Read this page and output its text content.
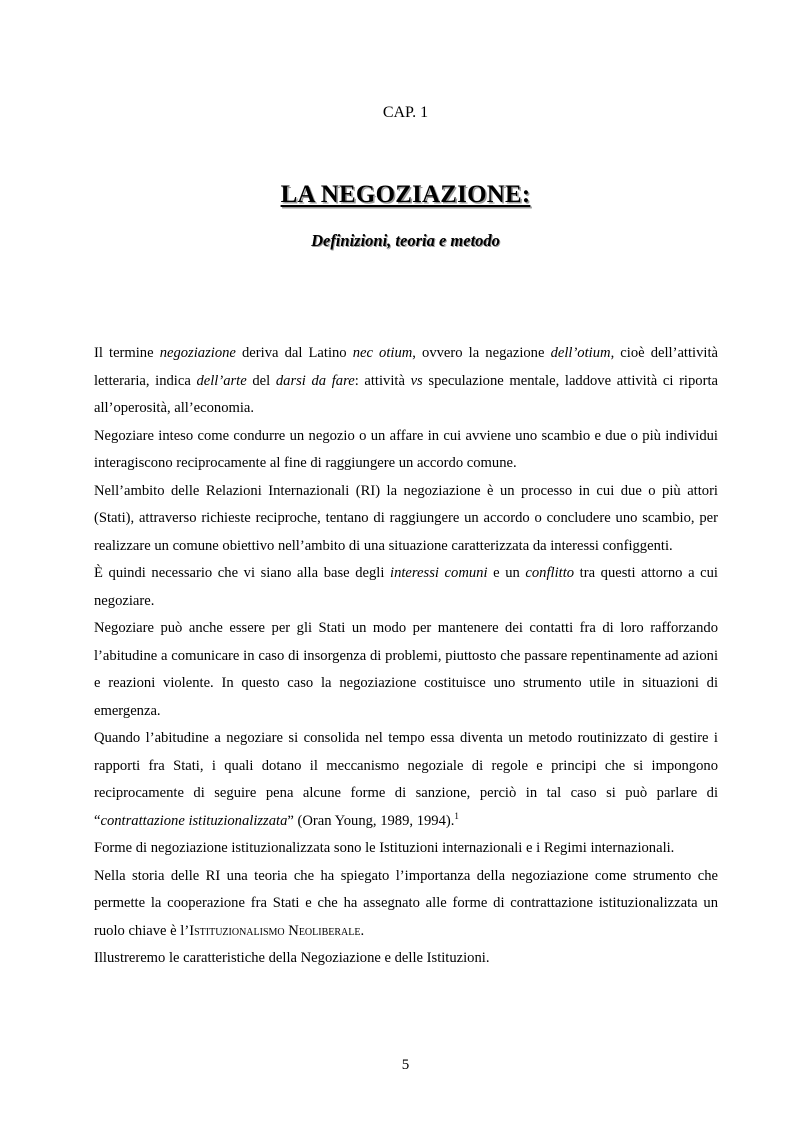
CAP. 1
LA NEGOZIAZIONE:
Definizioni, teoria e metodo

Il termine negoziazione deriva dal Latino nec otium, ovvero la negazione dell’otium, cioè dell’attività letteraria, indica dell’arte del darsi da fare: attività vs speculazione mentale, laddove attività ci riporta all’operosità, all’economia.

Negoziare inteso come condurre un negozio o un affare in cui avviene uno scambio e due o più individui interagiscono reciprocamente al fine di raggiungere un accordo comune.

Nell’ambito delle Relazioni Internazionali (RI) la negoziazione è un processo in cui due o più attori (Stati), attraverso richieste reciproche, tentano di raggiungere un accordo o concludere uno scambio, per realizzare un comune obiettivo nell’ambito di una situazione caratterizzata da interessi configgenti.

È quindi necessario che vi siano alla base degli interessi comuni e un conflitto tra questi attorno a cui negoziare.

Negoziare può anche essere per gli Stati un modo per mantenere dei contatti fra di loro rafforzando l’abitudine a comunicare in caso di insorgenza di problemi, piuttosto che passare repentinamente ad azioni e reazioni violente. In questo caso la negoziazione costituisce uno strumento utile in situazioni di emergenza.

Quando l’abitudine a negoziare si consolida nel tempo essa diventa un metodo routinizzato di gestire i rapporti fra Stati, i quali dotano il meccanismo negoziale di regole e principi che si impongono reciprocamente di seguire pena alcune forme di sanzione, perciò in tal caso si può parlare di “contrattazione istituzionalizzata” (Oran Young, 1989, 1994).$^1$

Forme di negoziazione istituzionalizzata sono le Istituzioni internazionali e i Regimi internazionali.

Nella storia delle RI una teoria che ha spiegato l’importanza della negoziazione come strumento che permette la cooperazione fra Stati e che ha assegnato alle forme di contrattazione istituzionalizzata un ruolo chiave è l’Istituzionalismo Neoliberale.

Illustreremo le caratteristiche della Negoziazione e delle Istituzioni.

5
